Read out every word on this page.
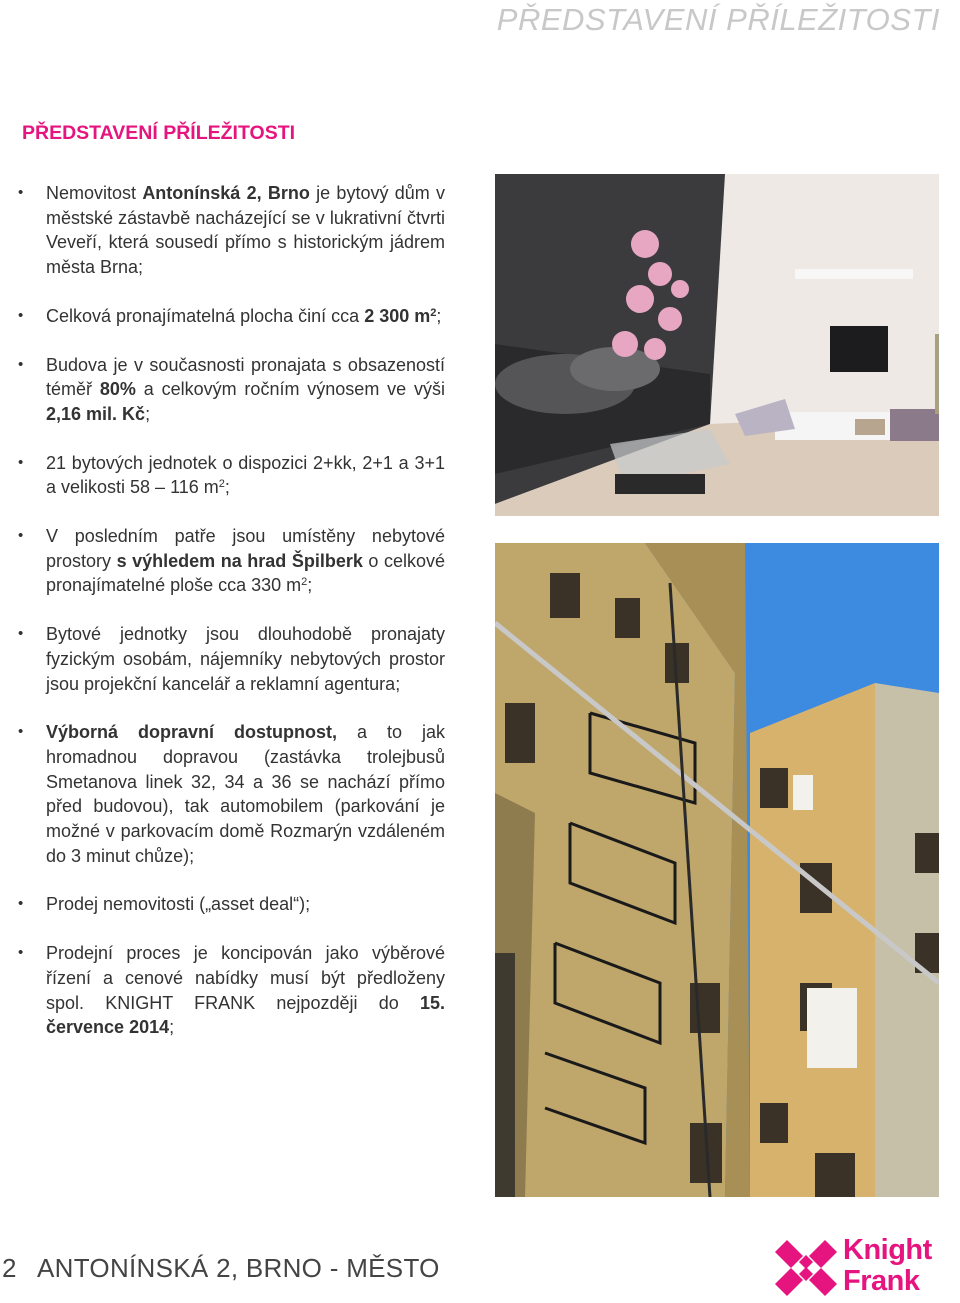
PŘEDSTAVENÍ PŘÍLEŽITOSTI
PŘEDSTAVENÍ PŘÍLEŽITOSTI
• Nemovitost Antonínská 2, Brno je bytový dům v městské zástavbě nacházející se v lukrativní čtvrti Veveří, která sousedí přímo s historickým jádrem města Brna;
• Celková pronajímatelná plocha činí cca 2 300 $m^2$;
• Budova je v současnosti pronajata s obsazeností téměř 80% a celkovým ročním výnosem ve výši 2,16 mil. Kč;
• 21 bytových jednotek o dispozici 2+kk, 2+1 a 3+1 a velikosti 58 – 116 $m^2$;
• V posledním patře jsou umístěny nebytové prostory s výhledem na hrad Špilberk o celkové pronajímatelné ploše cca 330 $m^2$;
• Bytové jednotky jsou dlouhodobě pronajaty fyzickým osobám, nájemníky nebytových prostor jsou projekční kancelář a reklamní agentura;
• Výborná dopravní dostupnost, a to jak hromadnou dopravou (zastávka trolejbusů Smetanova linek 32, 34 a 36 se nachází přímo před budovou), tak automobilem (parkování je možné v parkovacím domě Rozmarýn vzdáleném do 3 minut chůze);
• Prodej nemovitosti („asset deal“);
• Prodejní proces je koncipován jako výběrové řízení a cenové nabídky musí být předloženy spol. KNIGHT FRANK nejpozději do 15. července 2014;
2 ANTONÍNSKÁ 2, BRNO - MĚSTO
Knight
Frank
